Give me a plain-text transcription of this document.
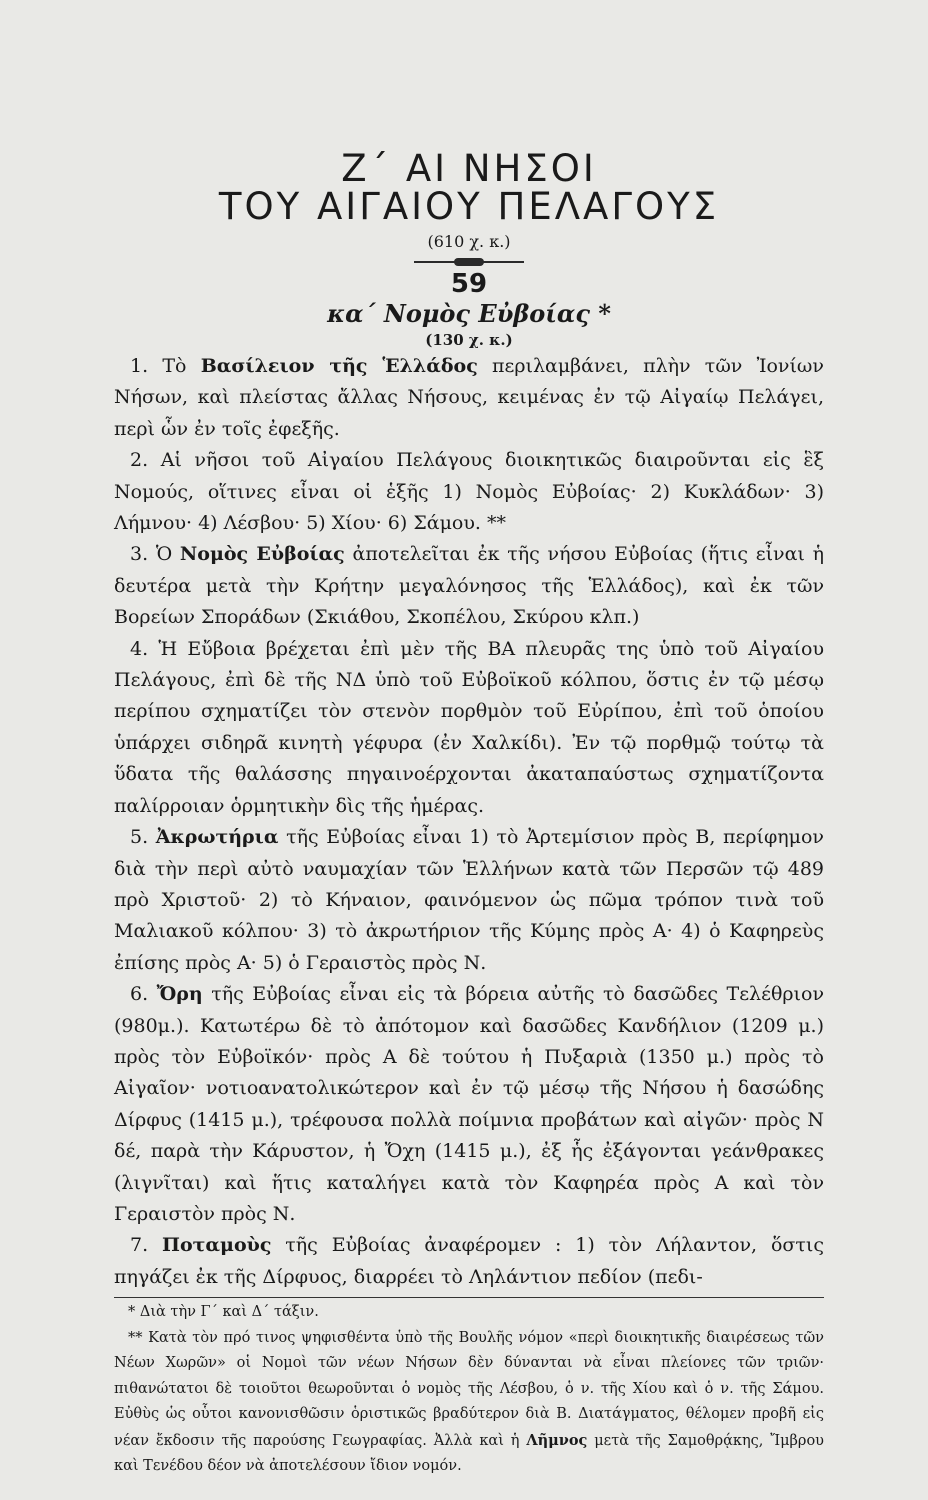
Ζ΄ ΑΙ ΝΗΣΟΙ
ΤΟΥ ΑΙΓΑΙΟΥ ΠΕΛΑΓΟΥΣ
(610 χ. κ.)
59
κα΄ Νομὸς Εὐβοίας *
(130 χ. κ.)

1. Τὸ Βασίλειον τῆς Ἑλλάδος περιλαμβάνει, πλὴν τῶν Ἰονίων Νήσων, καὶ πλείστας ἄλλας Νήσους, κειμένας ἐν τῷ Αἰγαίῳ Πελάγει, περὶ ὧν ἐν τοῖς ἐφεξῆς.

2. Αἱ νῆσοι τοῦ Αἰγαίου Πελάγους διοικητικῶς διαιροῦνται εἰς ἓξ Νομούς, οἵτινες εἶναι οἱ ἑξῆς 1) Νομὸς Εὐβοίας· 2) Κυκλάδων· 3) Λήμνου· 4) Λέσβου· 5) Χίου· 6) Σάμου. **

3. Ὁ Νομὸς Εὐβοίας ἀποτελεῖται ἐκ τῆς νήσου Εὐβοίας (ἥτις εἶναι ἡ δευτέρα μετὰ τὴν Κρήτην μεγαλόνησος τῆς Ἑλλάδος), καὶ ἐκ τῶν Βορείων Σποράδων (Σκιάθου, Σκοπέλου, Σκύρου κλπ.)

4. Ἡ Εὔβοια βρέχεται ἐπὶ μὲν τῆς ΒΑ πλευρᾶς της ὑπὸ τοῦ Αἰγαίου Πελάγους, ἐπὶ δὲ τῆς ΝΔ ὑπὸ τοῦ Εὐβοϊκοῦ κόλπου, ὅστις ἐν τῷ μέσῳ περίπου σχηματίζει τὸν στενὸν πορθμὸν τοῦ Εὐρίπου, ἐπὶ τοῦ ὁποίου ὑπάρχει σιδηρᾶ κινητὴ γέφυρα (ἐν Χαλκίδι). Ἐν τῷ πορθμῷ τούτῳ τὰ ὕδατα τῆς θαλάσσης πηγαινοέρχονται ἀκαταπαύστως σχηματίζοντα παλίρροιαν ὁρμητικὴν δὶς τῆς ἡμέρας.

5. Ἀκρωτήρια τῆς Εὐβοίας εἶναι 1) τὸ Ἀρτεμίσιον πρὸς Β, περίφημον διὰ τὴν περὶ αὐτὸ ναυμαχίαν τῶν Ἑλλήνων κατὰ τῶν Περσῶν τῷ 489 πρὸ Χριστοῦ· 2) τὸ Κήναιον, φαινόμενον ὡς πῶμα τρόπον τινὰ τοῦ Μαλιακοῦ κόλπου· 3) τὸ ἀκρωτήριον τῆς Κύμης πρὸς Α· 4) ὁ Καφηρεὺς ἐπίσης πρὸς Α· 5) ὁ Γεραιστὸς πρὸς Ν.

6. Ὄρη τῆς Εὐβοίας εἶναι εἰς τὰ βόρεια αὐτῆς τὸ δασῶδες Τελέθριον (980μ.). Κατωτέρω δὲ τὸ ἀπότομον καὶ δασῶδες Κανδήλιον (1209 μ.) πρὸς τὸν Εὐβοϊκόν· πρὸς Α δὲ τούτου ἡ Πυξαριὰ (1350 μ.) πρὸς τὸ Αἰγαῖον· νοτιοανατολικώτερον καὶ ἐν τῷ μέσῳ τῆς Νήσου ἡ δασώδης Δίρφυς (1415 μ.), τρέφουσα πολλὰ ποίμνια προβάτων καὶ αἰγῶν· πρὸς Ν δέ, παρὰ τὴν Κάρυστον, ἡ Ὄχη (1415 μ.), ἐξ ἧς ἐξάγονται γεάνθρακες (λιγνῖται) καὶ ἥτις καταλήγει κατὰ τὸν Καφηρέα πρὸς Α καὶ τὸν Γεραιστὸν πρὸς Ν.

7. Ποταμοὺς τῆς Εὐβοίας ἀναφέρομεν : 1) τὸν Λήλαντον, ὅστις πηγάζει ἐκ τῆς Δίρφυος, διαρρέει τὸ Ληλάντιον πεδίον (πεδι-

* Διὰ τὴν Γ΄ καὶ Δ΄ τάξιν.

** Κατὰ τὸν πρό τινος ψηφισθέντα ὑπὸ τῆς Βουλῆς νόμον «περὶ διοικητικῆς διαιρέσεως τῶν Νέων Χωρῶν» οἱ Νομοὶ τῶν νέων Νήσων δὲν δύνανται νὰ εἶναι πλείονες τῶν τριῶν· πιθανώτατοι δὲ τοιοῦτοι θεωροῦνται ὁ νομὸς τῆς Λέσβου, ὁ ν. τῆς Χίου καὶ ὁ ν. τῆς Σάμου. Εὐθὺς ὡς οὗτοι κανονισθῶσιν ὁριστικῶς βραδύτερον διὰ Β. Διατάγματος, θέλομεν προβῆ εἰς νέαν ἔκδοσιν τῆς παρούσης Γεωγραφίας. Ἀλλὰ καὶ ἡ Λῆμνος μετὰ τῆς Σαμοθρᾴκης, Ἴμβρου καὶ Τενέδου δέον νὰ ἀποτελέσουν ἴδιον νομόν.
